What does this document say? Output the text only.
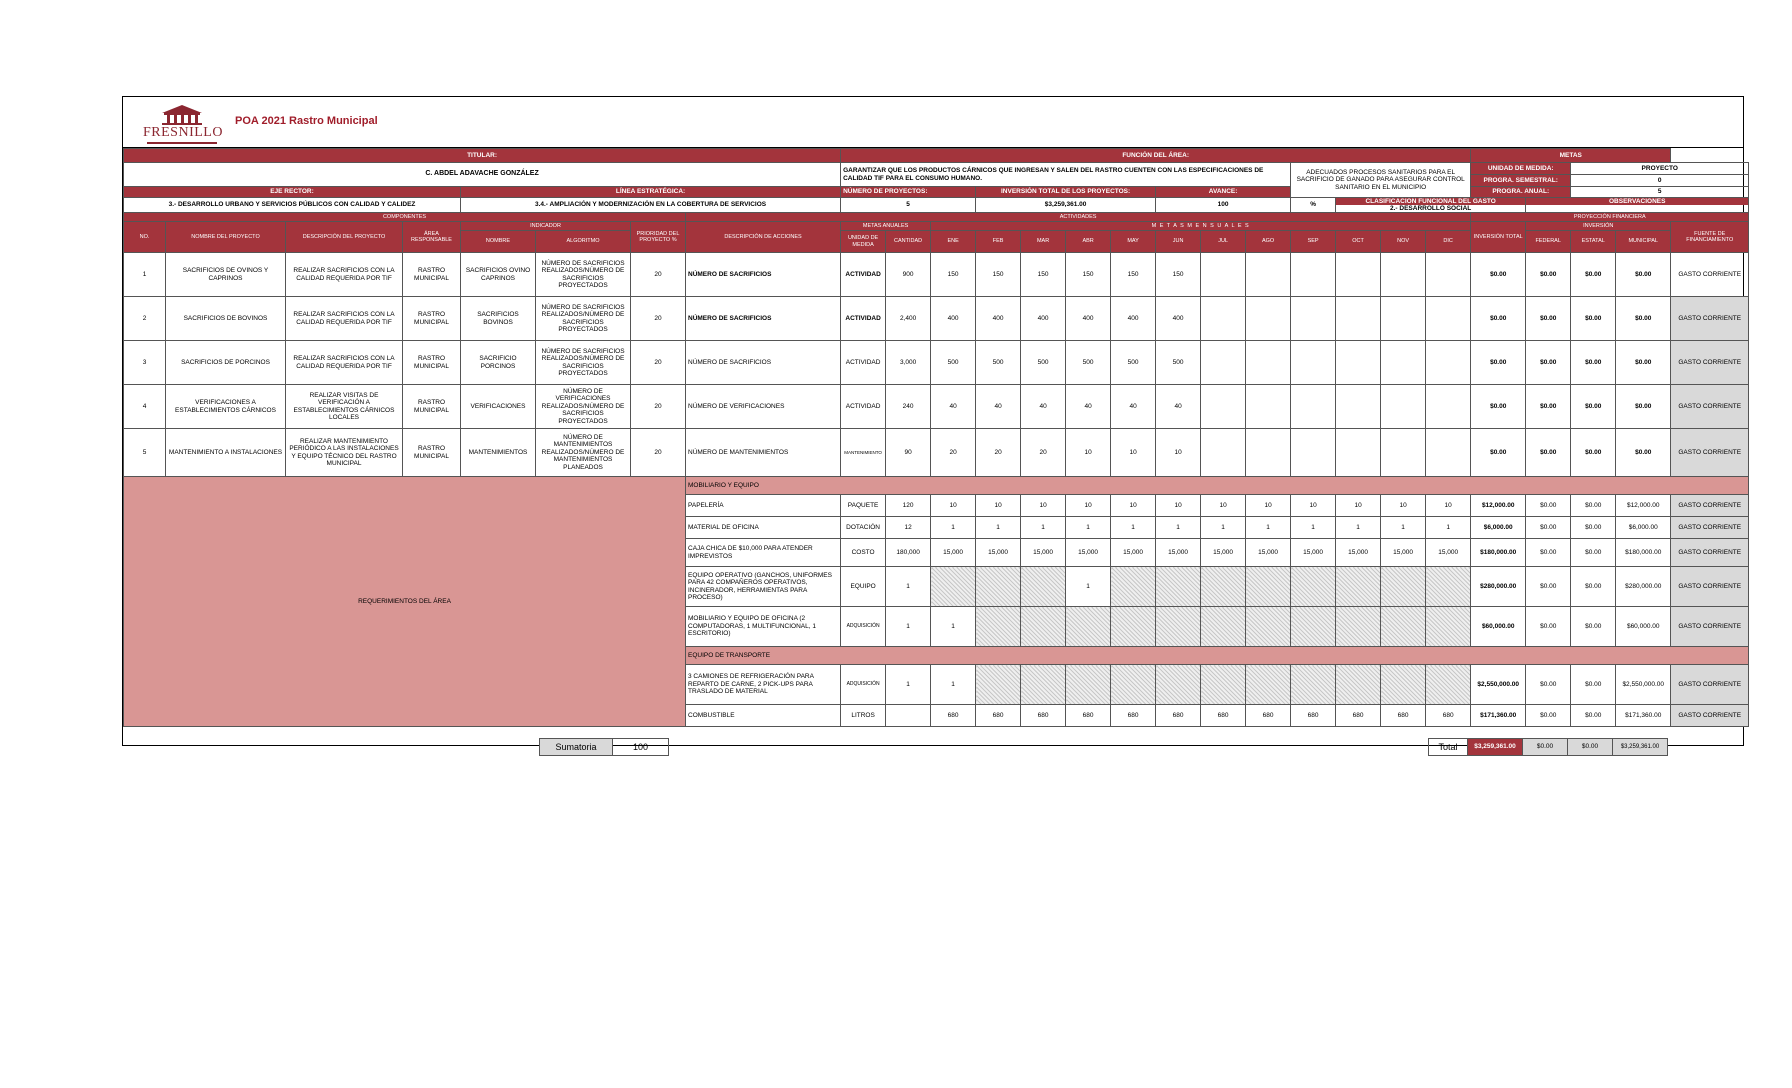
FRESNILLO
POA 2021 Rastro Municipal
TITULAR:								FUNCIÓN DEL ÁREA:														METAS				
C. ABDEL ADAVACHE GONZÁLEZ								GARANTIZAR QUE LOS PRODUCTOS CÁRNICOS QUE INGRESAN Y SALEN DEL RASTRO CUENTEN CON LAS ESPECIFICACIONES DE CALIDAD TIF PARA EL CONSUMO HUMANO.										ADECUADOS PROCESOS SANITARIOS PARA EL SACRIFICIO DE GANADO PARA ASEGURAR CONTROL SANITARIO EN EL MUNICIPIO				UNIDAD DE MEDIDA:		PROYECTO		
																						PROGRA. SEMESTRAL:		0		
EJE RECTOR:				LÍNEA ESTRATÉGICA:				NÚMERO DE PROYECTOS:			INVERSIÓN TOTAL DE LOS PROYECTOS:				AVANCE:							PROGRA. ANUAL:		5		
3.- DESARROLLO URBANO Y SERVICIOS PÚBLICOS CON CALIDAD Y CALIDEZ				3.4.- AMPLIACIÓN Y MODERNIZACIÓN EN LA COBERTURA DE SERVICIOS				5			$3,259,361.00				100			%	CLASIFICACIÓN FUNCIONAL DEL GASTO
2.- DESARROLLO SOCIAL				OBSERVACIONES			

COMPONENTES							ACTIVIDADES															PROYECCIÓN FINANCIERA				
NO.	NOMBRE DEL PROYECTO	DESCRIPCIÓN DEL PROYECTO	ÁREA RESPONSABLE	INDICADOR		PRIORIDAD DEL PROYECTO %	DESCRIPCIÓN DE ACCIONES	METAS ANUALES		M E T A S M E N S U A L E S												INVERSIÓN TOTAL	INVERSIÓN			FUENTE DE FINANCIAMIENTO
				NOMBRE	ALGORITMO			UNIDAD DE MEDIDA	CANTIDAD	ENE	FEB	MAR	ABR	MAY	JUN	JUL	AGO	SEP	OCT	NOV	DIC		FEDERAL	ESTATAL	MUNICIPAL	
1	SACRIFICIOS DE OVINOS Y CAPRINOS	REALIZAR SACRIFICIOS CON LA CALIDAD REQUERIDA POR TIF	RASTRO MUNICIPAL	SACRIFICIOS OVINO CAPRINOS	NÚMERO DE SACRIFICIOS REALIZADOS/NÚMERO DE SACRIFICIOS PROYECTADOS	20	NÚMERO DE SACRIFICIOS	ACTIVIDAD	900	150	150	150	150	150	150							$0.00	$0.00	$0.00	$0.00	GASTO CORRIENTE
2	SACRIFICIOS DE BOVINOS	REALIZAR SACRIFICIOS CON LA CALIDAD REQUERIDA POR TIF	RASTRO MUNICIPAL	SACRIFICIOS BOVINOS	NÚMERO DE SACRIFICIOS REALIZADOS/NÚMERO DE SACRIFICIOS PROYECTADOS	20	NÚMERO DE SACRIFICIOS	ACTIVIDAD	2,400	400	400	400	400	400	400							$0.00	$0.00	$0.00	$0.00	GASTO CORRIENTE
3	SACRIFICIOS DE PORCINOS	REALIZAR SACRIFICIOS CON LA CALIDAD REQUERIDA POR TIF	RASTRO MUNICIPAL	SACRIFICIO PORCINOS	NÚMERO DE SACRIFICIOS REALIZADOS/NÚMERO DE SACRIFICIOS PROYECTADOS	20	NÚMERO DE SACRIFICIOS	ACTIVIDAD	3,000	500	500	500	500	500	500							$0.00	$0.00	$0.00	$0.00	GASTO CORRIENTE
4	VERIFICACIONES A ESTABLECIMIENTOS CÁRNICOS	REALIZAR VISITAS DE VERIFICACIÓN A ESTABLECIMIENTOS CÁRNICOS LOCALES	RASTRO MUNICIPAL	VERIFICACIONES	NÚMERO DE VERIFICACIONES REALIZADOS/NÚMERO DE SACRIFICIOS PROYECTADOS	20	NÚMERO DE VERIFICACIONES	ACTIVIDAD	240	40	40	40	40	40	40							$0.00	$0.00	$0.00	$0.00	GASTO CORRIENTE
5	MANTENIMIENTO A INSTALACIONES	REALIZAR MANTENIMIENTO PERIÓDICO A LAS INSTALACIONES Y EQUIPO TÉCNICO DEL RASTRO MUNICIPAL	RASTRO MUNICIPAL	MANTENIMIENTOS	NÚMERO DE MANTENIMIENTOS REALIZADOS/NÚMERO DE MANTENIMIENTOS PLANEADOS	20	NÚMERO DE MANTENIMIENTOS	MANTENIMIENTO	90	20	20	20	10	10	10							$0.00	$0.00	$0.00	$0.00	GASTO CORRIENTE
REQUERIMIENTOS DEL ÁREA							MOBILIARIO Y EQUIPO																			
							PAPELERÍA	PAQUETE	120	10	10	10	10	10	10	10	10	10	10	10	10	$12,000.00	$0.00	$0.00	$12,000.00	GASTO CORRIENTE
							MATERIAL DE OFICINA	DOTACIÓN	12	1	1	1	1	1	1	1	1	1	1	1	1	$6,000.00	$0.00	$0.00	$6,000.00	GASTO CORRIENTE
							CAJA CHICA DE $10,000 PARA ATENDER IMPREVISTOS	COSTO	180,000	15,000	15,000	15,000	15,000	15,000	15,000	15,000	15,000	15,000	15,000	15,000	15,000	$180,000.00	$0.00	$0.00	$180,000.00	GASTO CORRIENTE
							EQUIPO OPERATIVO (GANCHOS, UNIFORMES PARA 42 COMPAÑEROS OPERATIVOS, INCINERADOR, HERRAMIENTAS PARA PROCESO)	EQUIPO	1				1									$280,000.00	$0.00	$0.00	$280,000.00	GASTO CORRIENTE
							MOBILIARIO Y EQUIPO DE OFICINA (2 COMPUTADORAS, 1 MULTIFUNCIONAL, 1 ESCRITORIO)	ADQUISICIÓN	1	1												$60,000.00	$0.00	$0.00	$60,000.00	GASTO CORRIENTE
							EQUIPO DE TRANSPORTE																			
							3 CAMIONES DE REFRIGERACIÓN PARA REPARTO DE CARNE, 2 PICK-UPS PARA TRASLADO DE MATERIAL	ADQUISICIÓN	1	1												$2,550,000.00	$0.00	$0.00	$2,550,000.00	GASTO CORRIENTE
							COMBUSTIBLE	LITROS		680	680	680	680	680	680	680	680	680	680	680	680	$171,360.00	$0.00	$0.00	$171,360.00	GASTO CORRIENTE
Sumatoria	100	Total	$3,259,361.00	$0.00	$0.00	$3,259,361.00
